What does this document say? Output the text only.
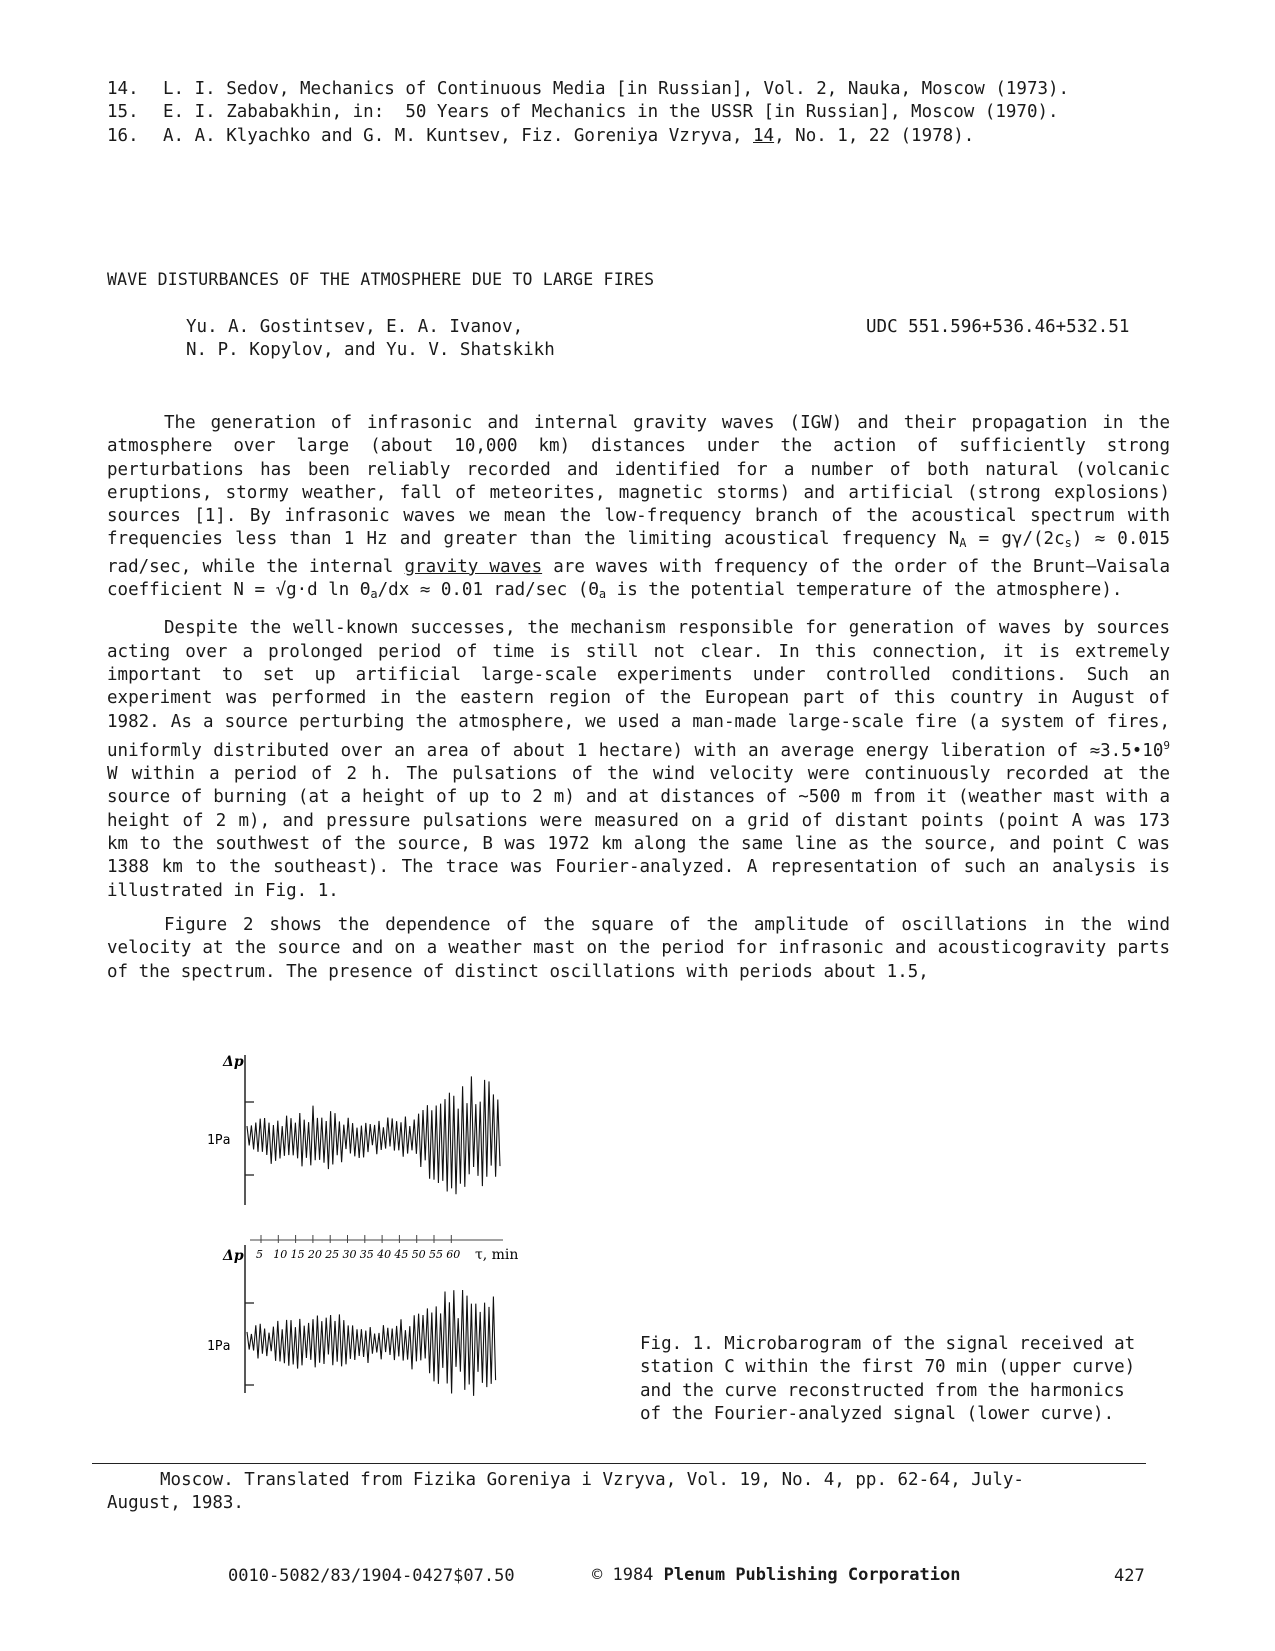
14.	L. I. Sedov, Mechanics of Continuous Media [in Russian], Vol. 2, Nauka, Moscow (1973).
15.	E. I. Zababakhin, in:  50 Years of Mechanics in the USSR [in Russian], Moscow (1970).
16.	A. A. Klyachko and G. M. Kuntsev, Fiz. Goreniya Vzryva, 14, No. 1, 22 (1978).
WAVE DISTURBANCES OF THE ATMOSPHERE DUE TO LARGE FIRES
Yu. A. Gostintsev, E. A. Ivanov,
N. P. Kopylov, and Yu. V. Shatskikh
UDC 551.596+536.46+532.51

The generation of infrasonic and internal gravity waves (IGW) and their propagation in the atmosphere over large (about 10,000 km) distances under the action of sufficiently strong perturbations has been reliably recorded and identified for a number of both natural (volcanic eruptions, stormy weather, fall of meteorites, magnetic storms) and artificial (strong explosions) sources [1]. By infrasonic waves we mean the low-frequency branch of the acoustical spectrum with frequencies less than 1 Hz and greater than the limiting acoustical frequency $N_A = g\gamma/(2c_s) \approx 0.015$ rad/sec, while the internal gravity waves are waves with frequency of the order of the Brunt—Vaisala coefficient N = √g·d $\ln \Theta_a/dx \approx 0.01$ rad/sec ($\Theta_a$ is the potential temperature of the atmosphere).

Despite the well-known successes, the mechanism responsible for generation of waves by sources acting over a prolonged period of time is still not clear. In this connection, it is extremely important to set up artificial large-scale experiments under controlled conditions. Such an experiment was performed in the eastern region of the European part of this country in August of 1982. As a source perturbing the atmosphere, we used a man-made large-scale fire (a system of fires, uniformly distributed over an area of about 1 hectare) with an average energy liberation of $\approx 3.5•10^9$ W within a period of 2 h. The pulsations of the wind velocity were continuously recorded at the source of burning (at a height of up to 2 m) and at distances of ~500 m from it (weather mast with a height of 2 m), and pressure pulsations were measured on a grid of distant points (point A was 173 km to the southwest of the source, B was 1972 km along the same line as the source, and point C was 1388 km to the southeast). The trace was Fourier-analyzed. A representation of such an analysis is illustrated in Fig. 1.

Figure 2 shows the dependence of the square of the amplitude of oscillations in the wind velocity at the source and on a weather mast on the period for infrasonic and acousticogravity parts of the spectrum. The presence of distinct oscillations with periods about 1.5,

Δp
1Pa
5 10 15 20 25 30 35 40 45 50 55 60 τ, min
Δp
1Pa	Fig. 1. Microbarogram of the signal received at station C within the first 70 min (upper curve) and the curve reconstructed from the harmonics of the Fourier-analyzed signal (lower curve).
Moscow. Translated from Fizika Goreniya i Vzryva, Vol. 19, No. 4, pp. 62-64, July-
August, 1983.
0010-5082/83/1904-0427$07.50	© 1984 Plenum Publishing Corporation	427
